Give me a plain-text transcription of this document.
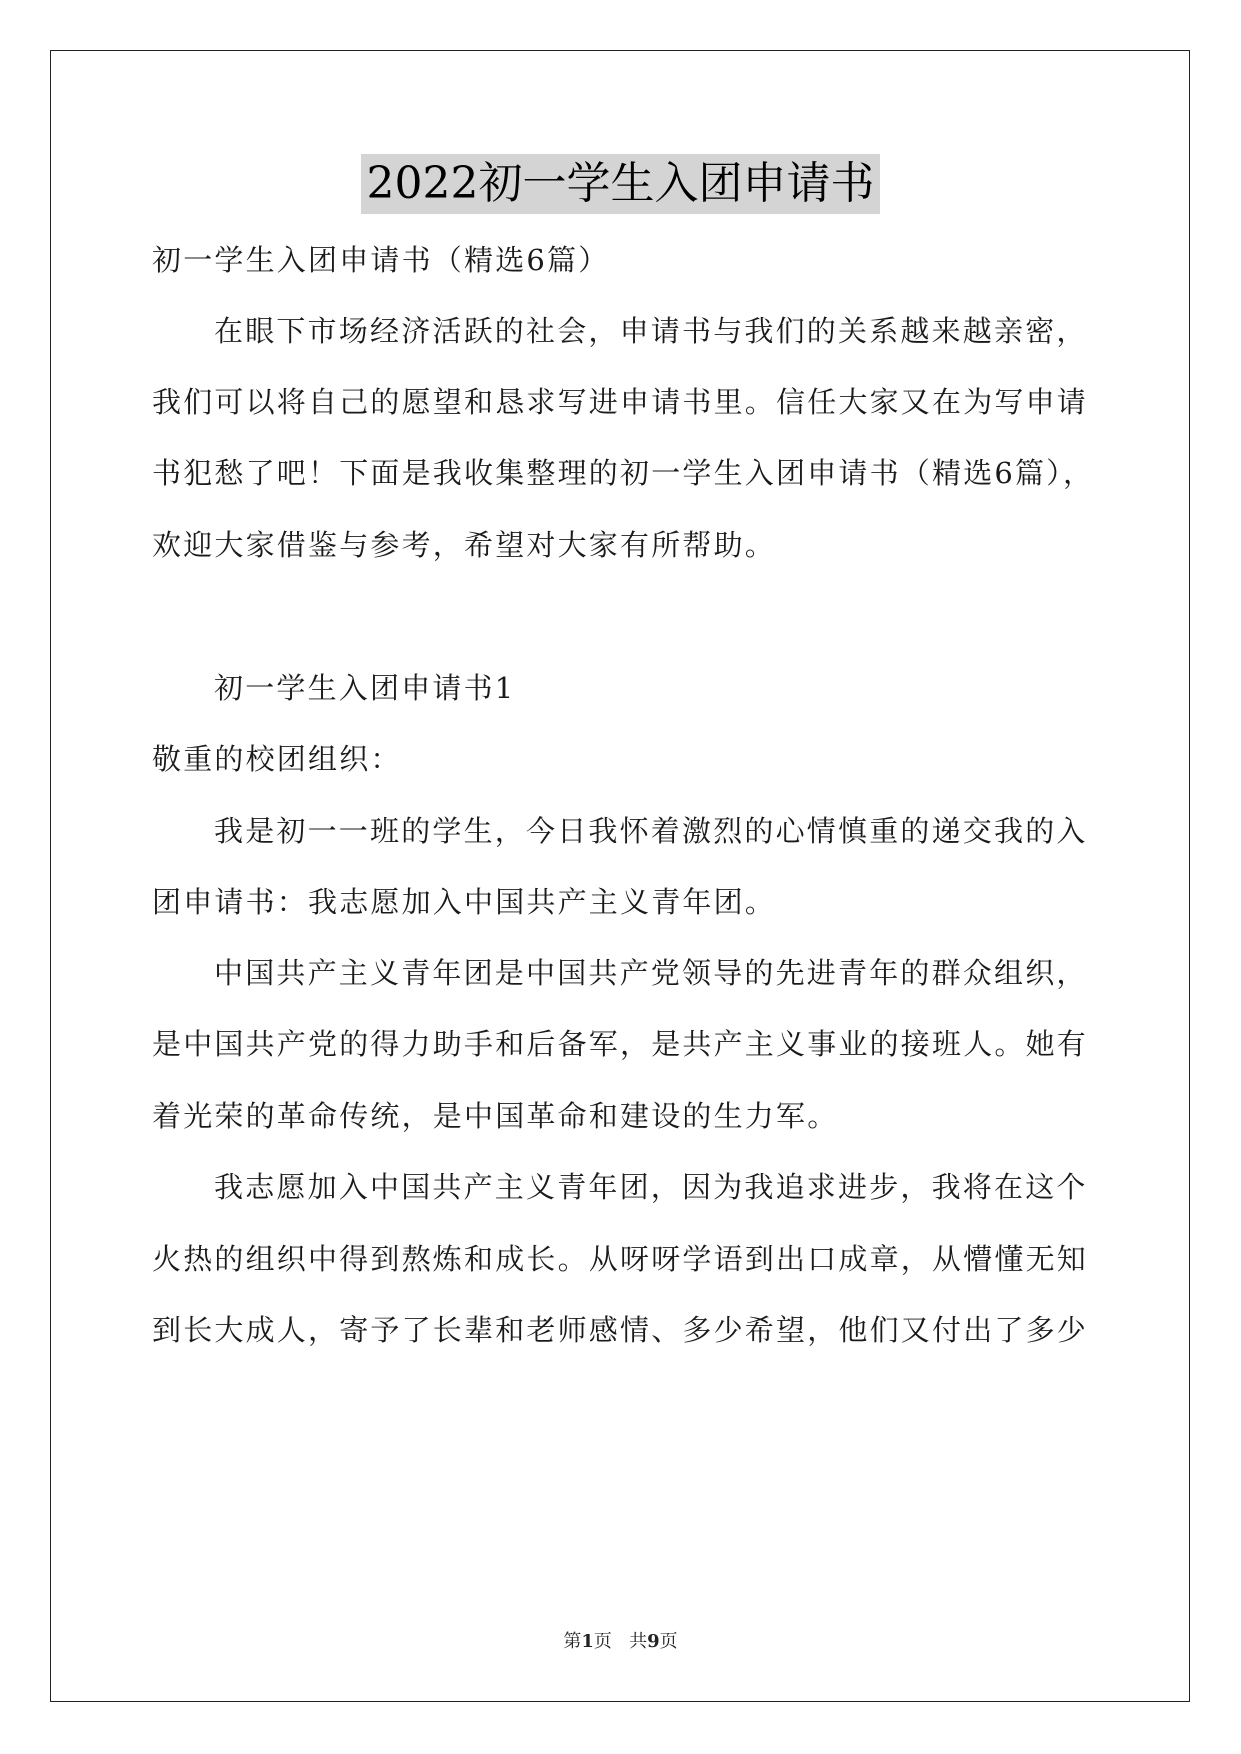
2022初一学生入团申请书
初一学生入团申请书（精选6篇）
在眼下市场经济活跃的社会，申请书与我们的关系越来越亲密，
我们可以将自己的愿望和恳求写进申请书里。信任大家又在为写申请
书犯愁了吧！下面是我收集整理的初一学生入团申请书（精选6篇），
欢迎大家借鉴与参考，希望对大家有所帮助。
初一学生入团申请书1
敬重的校团组织：
我是初一一班的学生，今日我怀着激烈的心情慎重的递交我的入
团申请书：我志愿加入中国共产主义青年团。
中国共产主义青年团是中国共产党领导的先进青年的群众组织，
是中国共产党的得力助手和后备军，是共产主义事业的接班人。她有
着光荣的革命传统，是中国革命和建设的生力军。
我志愿加入中国共产主义青年团，因为我追求进步，我将在这个
火热的组织中得到熬炼和成长。从呀呀学语到出口成章，从懵懂无知
到长大成人，寄予了长辈和老师感情、多少希望，他们又付出了多少
第1页 共9页
